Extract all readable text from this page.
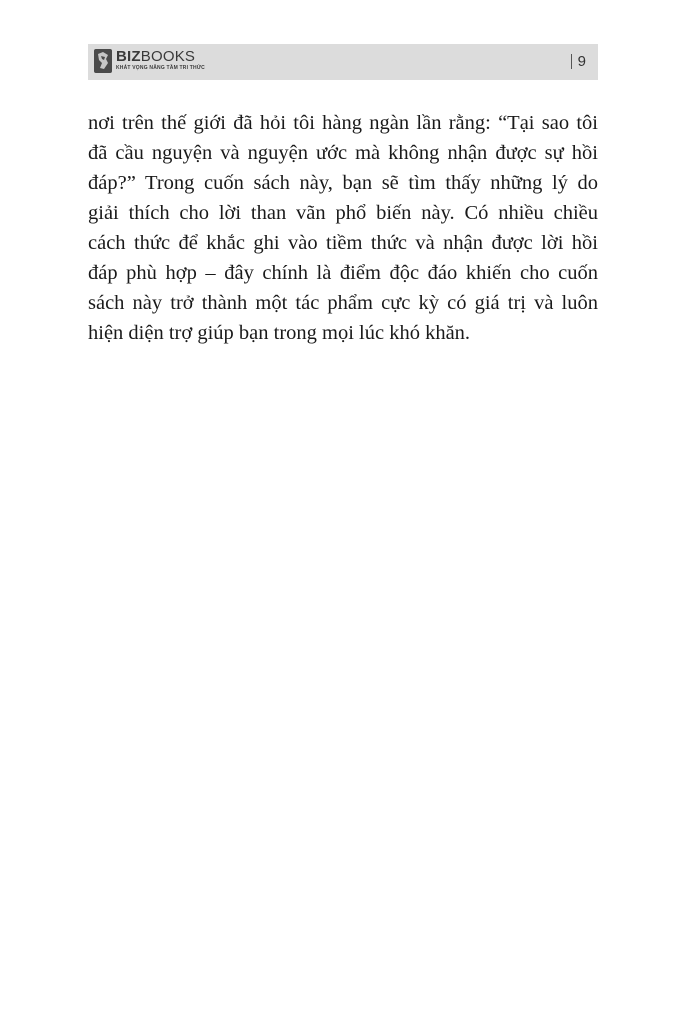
BIZBOOKS
KHÁT VỌNG NÂNG TẦM TRI THỨC	9
nơi trên thế giới đã hỏi tôi hàng ngàn lần rằng: “Tại sao tôi
đã cầu nguyện và nguyện ước mà không nhận được sự hồi
đáp?” Trong cuốn sách này, bạn sẽ tìm thấy những lý do
giải thích cho lời than vãn phổ biến này. Có nhiều chiều
cách thức để khắc ghi vào tiềm thức và nhận được lời hồi
đáp phù hợp – đây chính là điểm độc đáo khiến cho cuốn
sách này trở thành một tác phẩm cực kỳ có giá trị và luôn
hiện diện trợ giúp bạn trong mọi lúc khó khăn.
